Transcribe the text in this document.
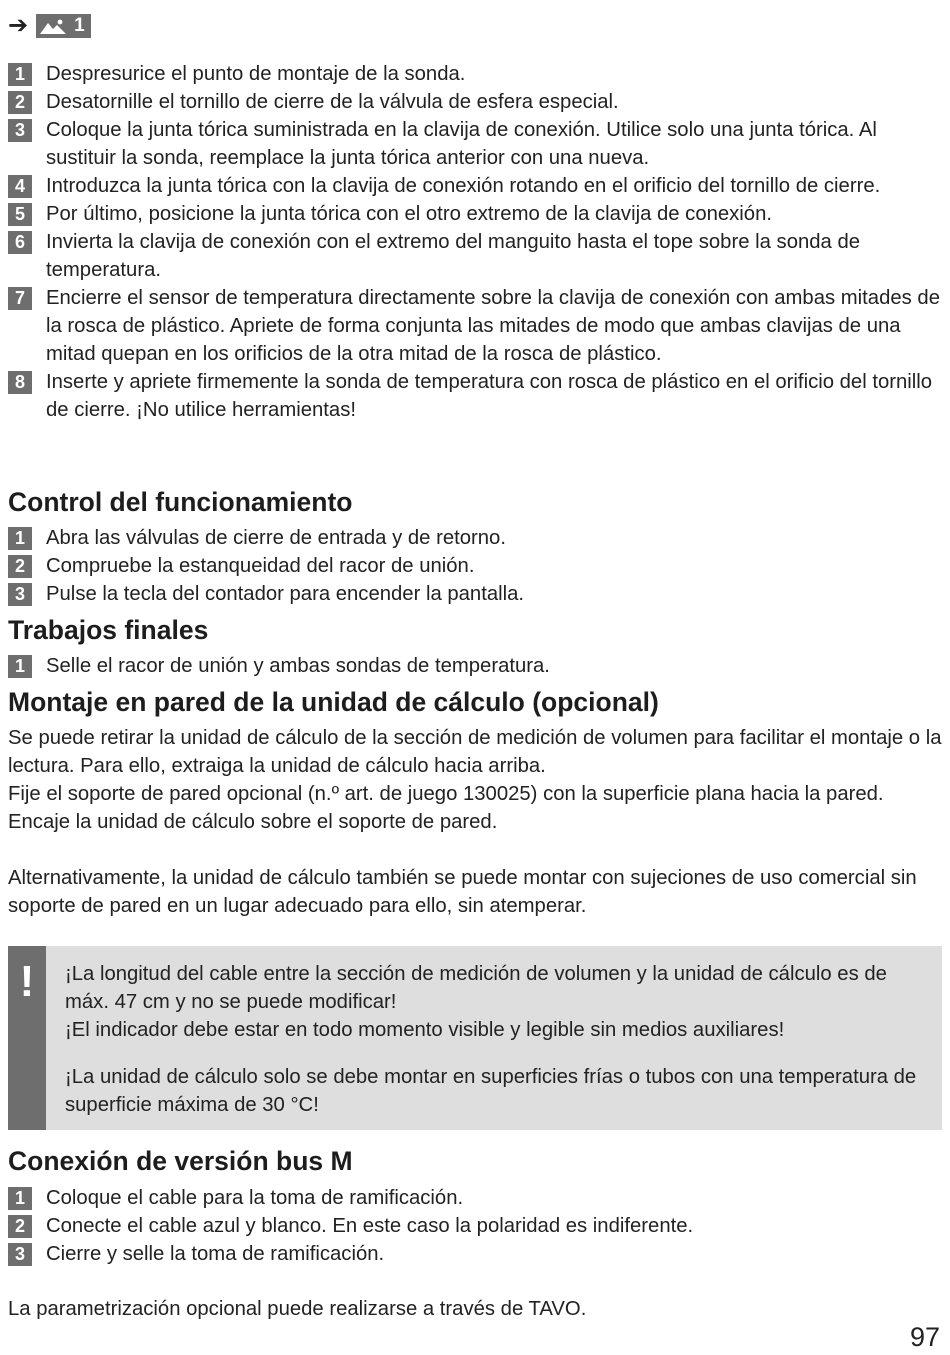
➔ 1
1	Despresurice el punto de montaje de la sonda.
2	Desatornille el tornillo de cierre de la válvula de esfera especial.
3	Coloque la junta tórica suministrada en la clavija de conexión. Utilice solo una junta tórica. Al sustituir la sonda, reemplace la junta tórica anterior con una nueva.
4	Introduzca la junta tórica con la clavija de conexión rotando en el orificio del tornillo de cierre.
5	Por último, posicione la junta tórica con el otro extremo de la clavija de conexión.
6	Invierta la clavija de conexión con el extremo del manguito hasta el tope sobre la sonda de temperatura.
7	Encierre el sensor de temperatura directamente sobre la clavija de conexión con ambas mitades de la rosca de plástico. Apriete de forma conjunta las mitades de modo que ambas clavijas de una mitad quepan en los orificios de la otra mitad de la rosca de plástico.
8	Inserte y apriete firmemente la sonda de temperatura con rosca de plástico en el orificio del tornillo de cierre. ¡No utilice herramientas!
Control del funcionamiento
1	Abra las válvulas de cierre de entrada y de retorno.
2	Compruebe la estanqueidad del racor de unión.
3	Pulse la tecla del contador para encender la pantalla.
Trabajos finales
1	Selle el racor de unión y ambas sondas de temperatura.
Montaje en pared de la unidad de cálculo (opcional)

Se puede retirar la unidad de cálculo de la sección de medición de volumen para facilitar el montaje o la lectura. Para ello, extraiga la unidad de cálculo hacia arriba.

Fije el soporte de pared opcional (n.º art. de juego 130025) con la superficie plana hacia la pared. Encaje la unidad de cálculo sobre el soporte de pared.

Alternativamente, la unidad de cálculo también se puede montar con sujeciones de uso comercial sin soporte de pared en un lugar adecuado para ello, sin atemperar.

!	¡La longitud del cable entre la sección de medición de volumen y la unidad de cálculo es de máx. 47 cm y no se puede modificar!

¡El indicador debe estar en todo momento visible y legible sin medios auxiliares!

¡La unidad de cálculo solo se debe montar en superficies frías o tubos con una temperatura de superficie máxima de 30 °C!

Conexión de versión bus M
1	Coloque el cable para la toma de ramificación.
2	Conecte el cable azul y blanco. En este caso la polaridad es indiferente.
3	Cierre y selle la toma de ramificación.

La parametrización opcional puede realizarse a través de TAVO.

97
